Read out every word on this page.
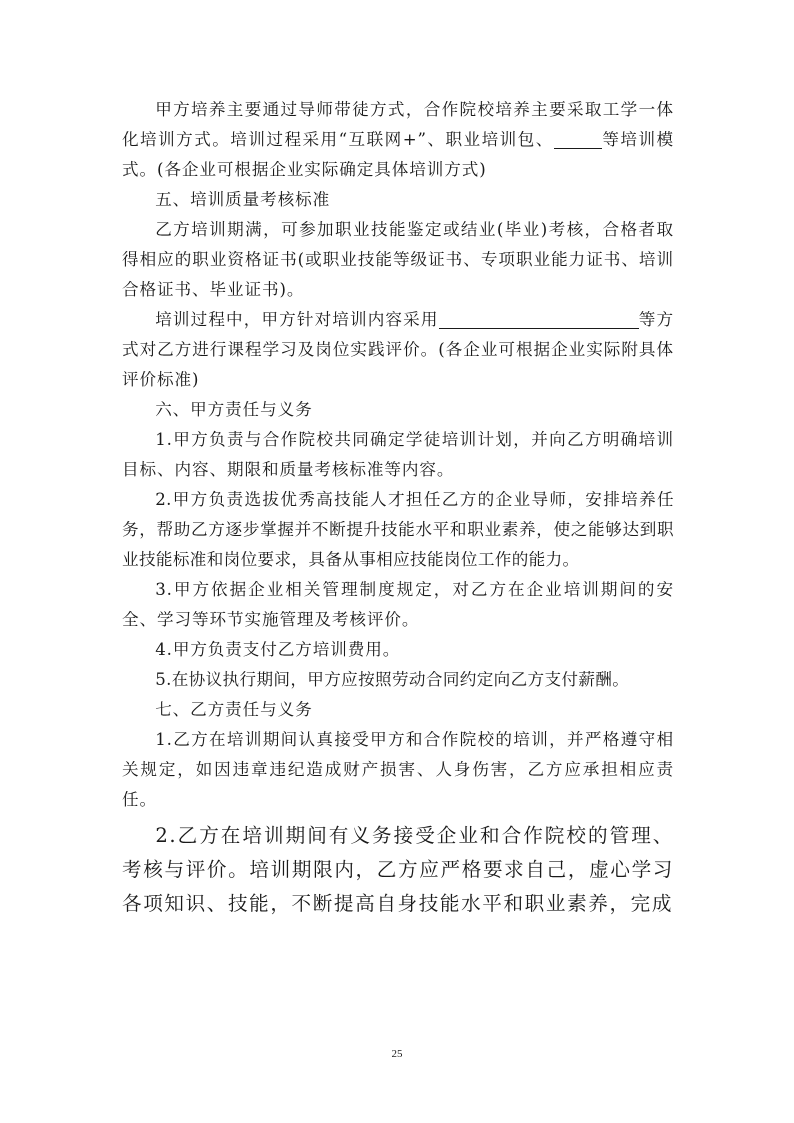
甲方培养主要通过导师带徒方式，合作院校培养主要采取工学一体化培训方式。培训过程采用“互联网+”、职业培训包、	等培训模式。(各企业可根据企业实际确定具体培训方式)

五、培训质量考核标准

乙方培训期满，可参加职业技能鉴定或结业(毕业)考核，合格者取得相应的职业资格证书(或职业技能等级证书、专项职业能力证书、培训合格证书、毕业证书)。

培训过程中，甲方针对培训内容采用	等方式对乙方进行课程学习及岗位实践评价。(各企业可根据企业实际附具体评价标准)

六、甲方责任与义务

1.甲方负责与合作院校共同确定学徒培训计划，并向乙方明确培训目标、内容、期限和质量考核标准等内容。

2.甲方负责选拔优秀高技能人才担任乙方的企业导师，安排培养任务，帮助乙方逐步掌握并不断提升技能水平和职业素养，使之能够达到职业技能标准和岗位要求，具备从事相应技能岗位工作的能力。

3.甲方依据企业相关管理制度规定，对乙方在企业培训期间的安全、学习等环节实施管理及考核评价。

4.甲方负责支付乙方培训费用。

5.在协议执行期间，甲方应按照劳动合同约定向乙方支付薪酬。

七、乙方责任与义务

1.乙方在培训期间认真接受甲方和合作院校的培训，并严格遵守相关规定，如因违章违纪造成财产损害、人身伤害，乙方应承担相应责任。

2.乙方在培训期间有义务接受企业和合作院校的管理、考核与评价。培训期限内，乙方应严格要求自己，虚心学习各项知识、技能，不断提高自身技能水平和职业素养，完成

25
